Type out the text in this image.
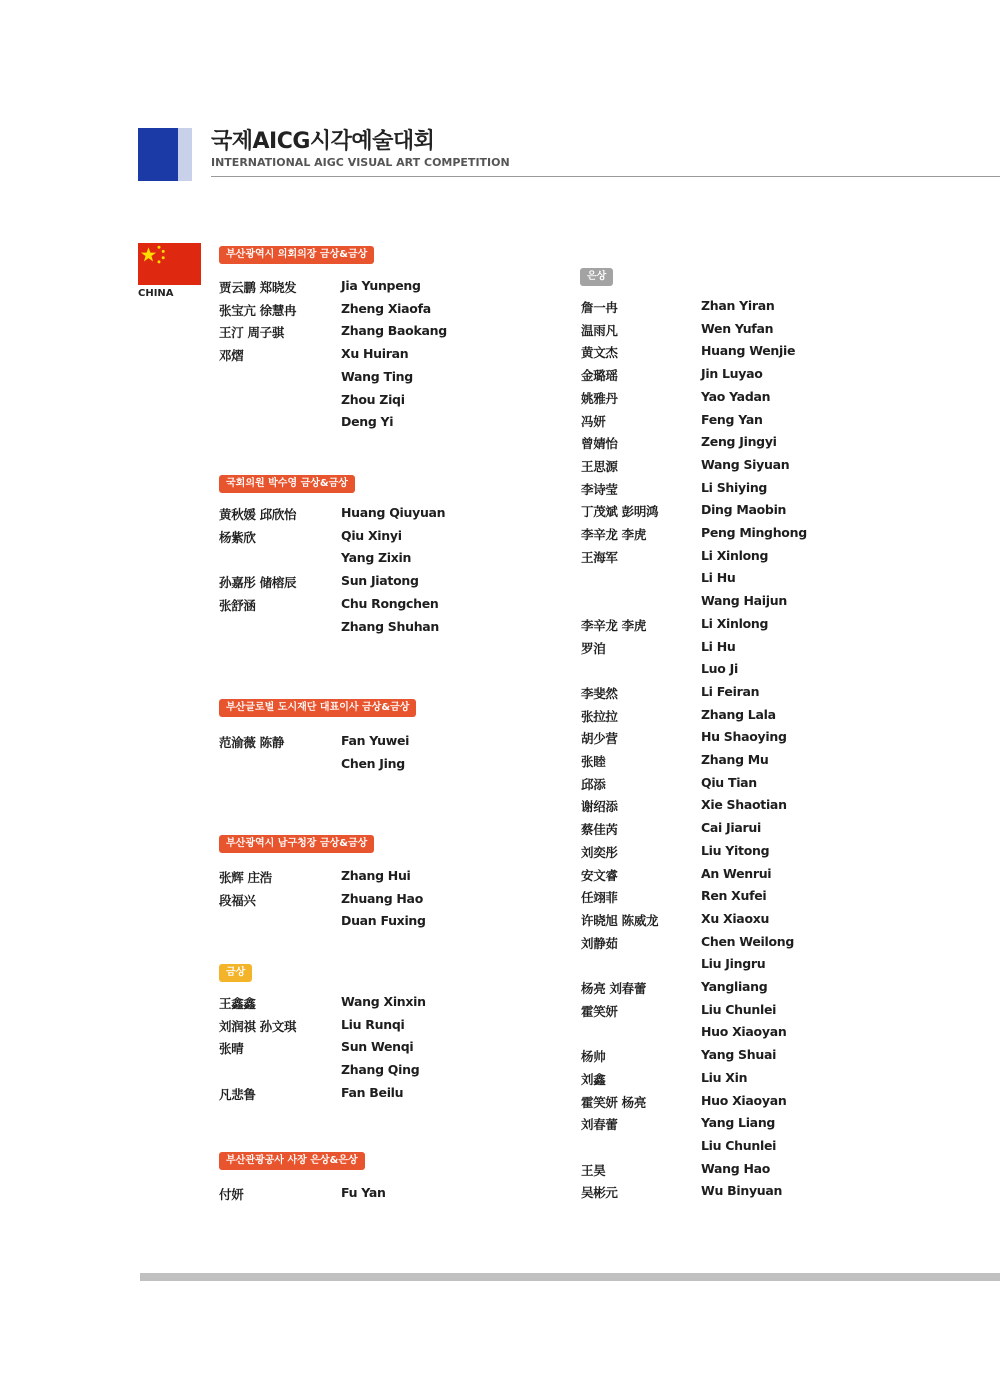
국제AICG시각예술대회
INTERNATIONAL AIGC VISUAL ART COMPETITION
CHINA
부산광역시 의회의장 금상&금상
贾云鹏 郑晓发
张宝亢 徐慧冉
王汀 周子骐
邓熠
Jia Yunpeng
Zheng Xiaofa
Zhang Baokang
Xu Huiran
Wang Ting
Zhou Ziqi
Deng Yi
국회의원 박수영 금상&금상
黄秋媛 邱欣怡
杨紫欣
孙嘉彤 储榕辰
张舒涵
Huang Qiuyuan
Qiu Xinyi
Yang Zixin
Sun Jiatong
Chu Rongchen
Zhang Shuhan
부산글로벌 도시재단 대표이사 금상&금상
范渝薇 陈静	Fan Yuwei
Chen Jing
부산광역시 남구청장 금상&금상
张辉 庄浩
段福兴
Zhang Hui
Zhuang Hao
Duan Fuxing
금상
王鑫鑫
刘润祺 孙文琪
张晴
凡悲鲁
Wang Xinxin
Liu Runqi
Sun Wenqi
Zhang Qing
Fan Beilu
부산관광공사 사장 은상&은상
付妍	Fu Yan
은상
詹一冉
温雨凡
黄文杰
金璐瑶
姚雅丹
冯妍
曾婧怡
王思源
李诗莹
丁茂斌 彭明鸿
李辛龙 李虎
王海军
李辛龙 李虎
罗洎
李斐然
张拉拉
胡少营
张睦
邱添
谢绍添
蔡佳芮
刘奕彤
安文睿
任翊菲
许晓旭 陈威龙
刘静茹
杨亮 刘春蕾
霍笑妍
杨帅
刘鑫
霍笑妍 杨亮
刘春蕾
王昊
吴彬元
Zhan Yiran
Wen Yufan
Huang Wenjie
Jin Luyao
Yao Yadan
Feng Yan
Zeng Jingyi
Wang Siyuan
Li Shiying
Ding Maobin
Peng Minghong
Li Xinlong
Li Hu
Wang Haijun
Li Xinlong
Li Hu
Luo Ji
Li Feiran
Zhang Lala
Hu Shaoying
Zhang Mu
Qiu Tian
Xie Shaotian
Cai Jiarui
Liu Yitong
An Wenrui
Ren Xufei
Xu Xiaoxu
Chen Weilong
Liu Jingru
Yangliang
Liu Chunlei
Huo Xiaoyan
Yang Shuai
Liu Xin
Huo Xiaoyan
Yang Liang
Liu Chunlei
Wang Hao
Wu Binyuan
